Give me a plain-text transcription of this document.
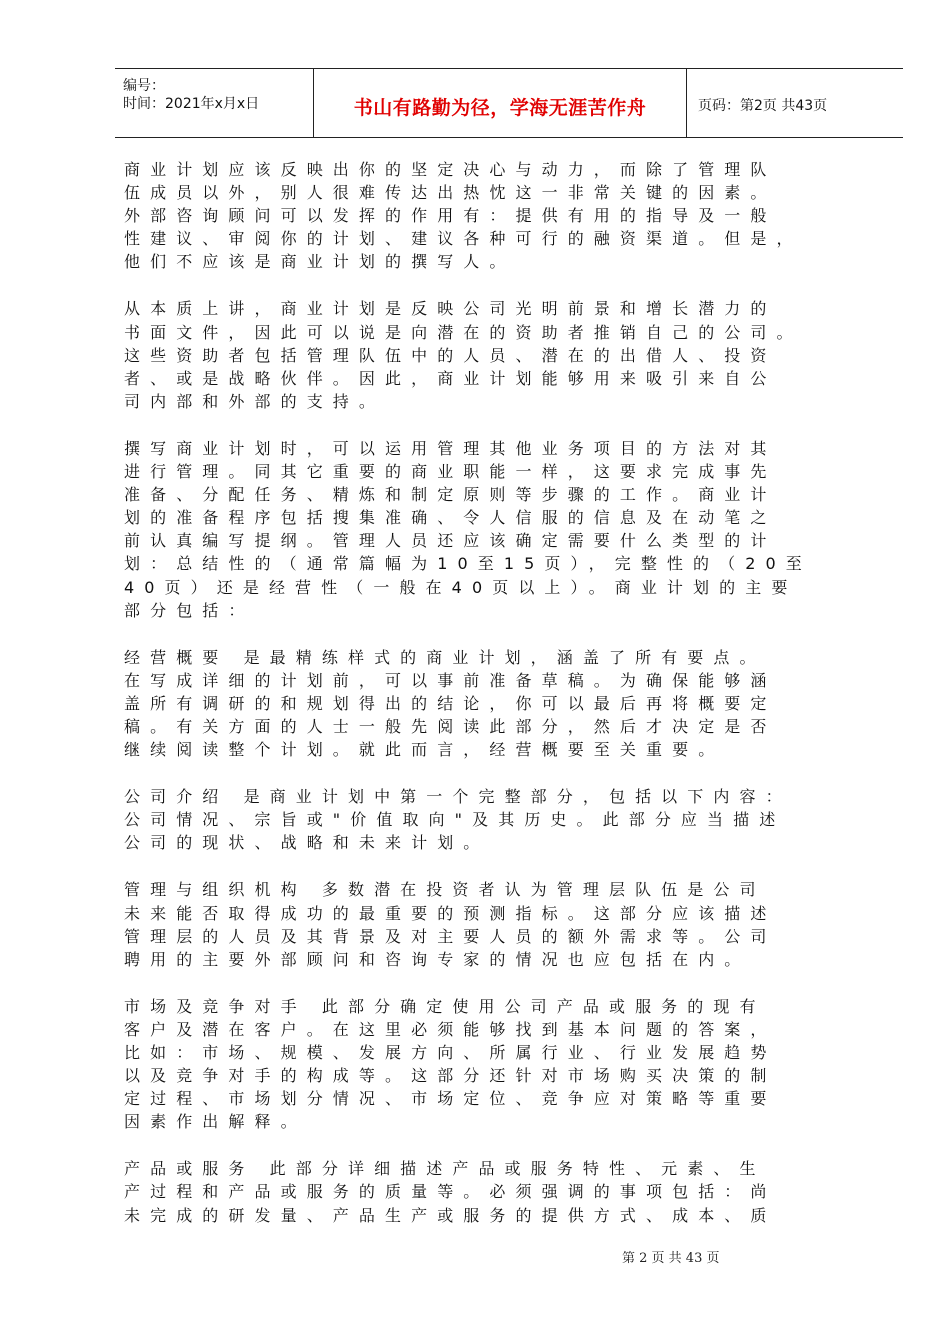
编号：
时间：2021年x月x日	书山有路勤为径，学海无涯苦作舟	页码：第2页 共43页
商业计划应该反映出你的坚定决心与动力，而除了管理队
伍成员以外，别人很难传达出热忱这一非常关键的因素。
外部咨询顾问可以发挥的作用有：提供有用的指导及一般
性建议、审阅你的计划、建议各种可行的融资渠道。但是，
他们不应该是商业计划的撰写人。
从本质上讲，商业计划是反映公司光明前景和增长潜力的
书面文件，因此可以说是向潜在的资助者推销自己的公司。
这些资助者包括管理队伍中的人员、潜在的出借人、投资
者、或是战略伙伴。因此，商业计划能够用来吸引来自公
司内部和外部的支持。
撰写商业计划时，可以运用管理其他业务项目的方法对其
进行管理。同其它重要的商业职能一样，这要求完成事先
准备、分配任务、精炼和制定原则等步骤的工作。商业计
划的准备程序包括搜集准确、令人信服的信息及在动笔之
前认真编写提纲。管理人员还应该确定需要什么类型的计
划：总结性的（通常篇幅为10至15页），完整性的（20至
40页）还是经营性（一般在40页以上）。商业计划的主要
部分包括：
经营概要 是最精练样式的商业计划，涵盖了所有要点。
在写成详细的计划前，可以事前准备草稿。为确保能够涵
盖所有调研的和规划得出的结论，你可以最后再将概要定
稿。有关方面的人士一般先阅读此部分，然后才决定是否
继续阅读整个计划。就此而言，经营概要至关重要。
公司介绍 是商业计划中第一个完整部分，包括以下内容：
公司情况、宗旨或"价值取向"及其历史。此部分应当描述
公司的现状、战略和未来计划。
管理与组织机构 多数潜在投资者认为管理层队伍是公司
未来能否取得成功的最重要的预测指标。这部分应该描述
管理层的人员及其背景及对主要人员的额外需求等。公司
聘用的主要外部顾问和咨询专家的情况也应包括在内。
市场及竞争对手 此部分确定使用公司产品或服务的现有
客户及潜在客户。在这里必须能够找到基本问题的答案，
比如：市场、规模、发展方向、所属行业、行业发展趋势
以及竞争对手的构成等。这部分还针对市场购买决策的制
定过程、市场划分情况、市场定位、竞争应对策略等重要
因素作出解释。
产品或服务 此部分详细描述产品或服务特性、元素、生
产过程和产品或服务的质量等。必须强调的事项包括：尚
未完成的研发量、产品生产或服务的提供方式、成本、质
第 2 页 共 43 页
